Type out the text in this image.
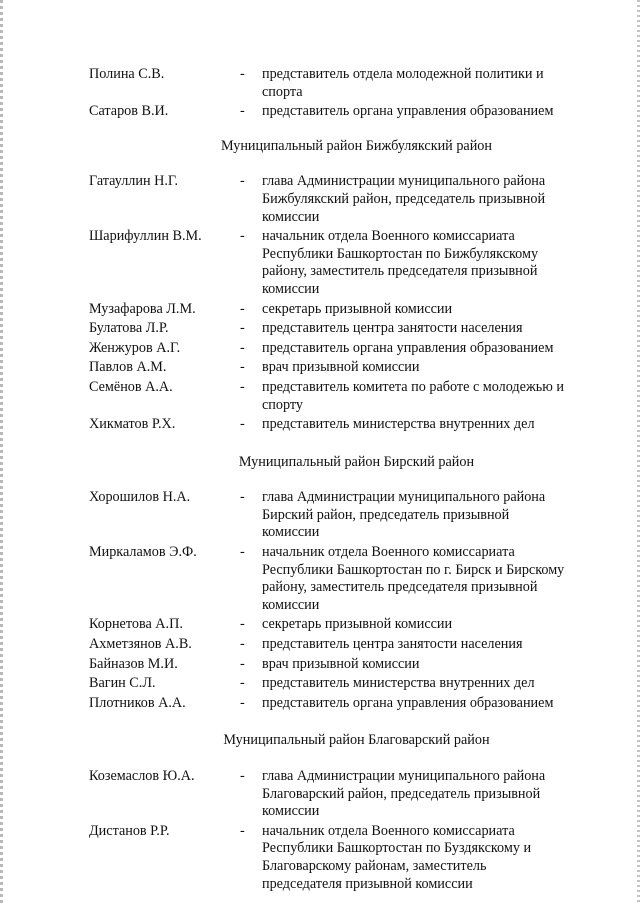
Полина С.В.	- представитель отдела молодежной политики и
спорта
Сатаров В.И.	- представитель органа управления образованием

Муниципальный район Бижбулякский район

Гатауллин Н.Г.	- глава Администрации муниципального района
Бижбулякский район, председатель призывной
комиссии
Шарифуллин В.М.	- начальник отдела Военного комиссариата
Республики Башкортостан по Бижбулякскому
району, заместитель председателя призывной
комиссии
Музафарова Л.М.	- секретарь призывной комиссии
Булатова Л.Р.	- представитель центра занятости населения
Женжуров А.Г.	- представитель органа управления образованием
Павлов А.М.	- врач призывной комиссии
Семёнов А.А.	- представитель комитета по работе с молодежью и
спорту
Хикматов Р.Х.	- представитель министерства внутренних дел

Муниципальный район Бирский район

Хорошилов Н.А.	- глава Администрации муниципального района
Бирский район, председатель призывной
комиссии
Миркаламов Э.Ф.	- начальник отдела Военного комиссариата
Республики Башкортостан по г. Бирск и Бирскому
району, заместитель председателя призывной
комиссии
Корнетова А.П.	- секретарь призывной комиссии
Ахметзянов А.В.	- представитель центра занятости населения
Байназов М.И.	- врач призывной комиссии
Вагин С.Л.	- представитель министерства внутренних дел
Плотников А.А.	- представитель органа управления образованием

Муниципальный район Благоварский район

Коземаслов Ю.А.	- глава Администрации муниципального района
Благоварский район, председатель призывной
комиссии
Дистанов Р.Р.	- начальник отдела Военного комиссариата
Республики Башкортостан по Буздякскому и
Благоварскому районам, заместитель
председателя призывной комиссии
